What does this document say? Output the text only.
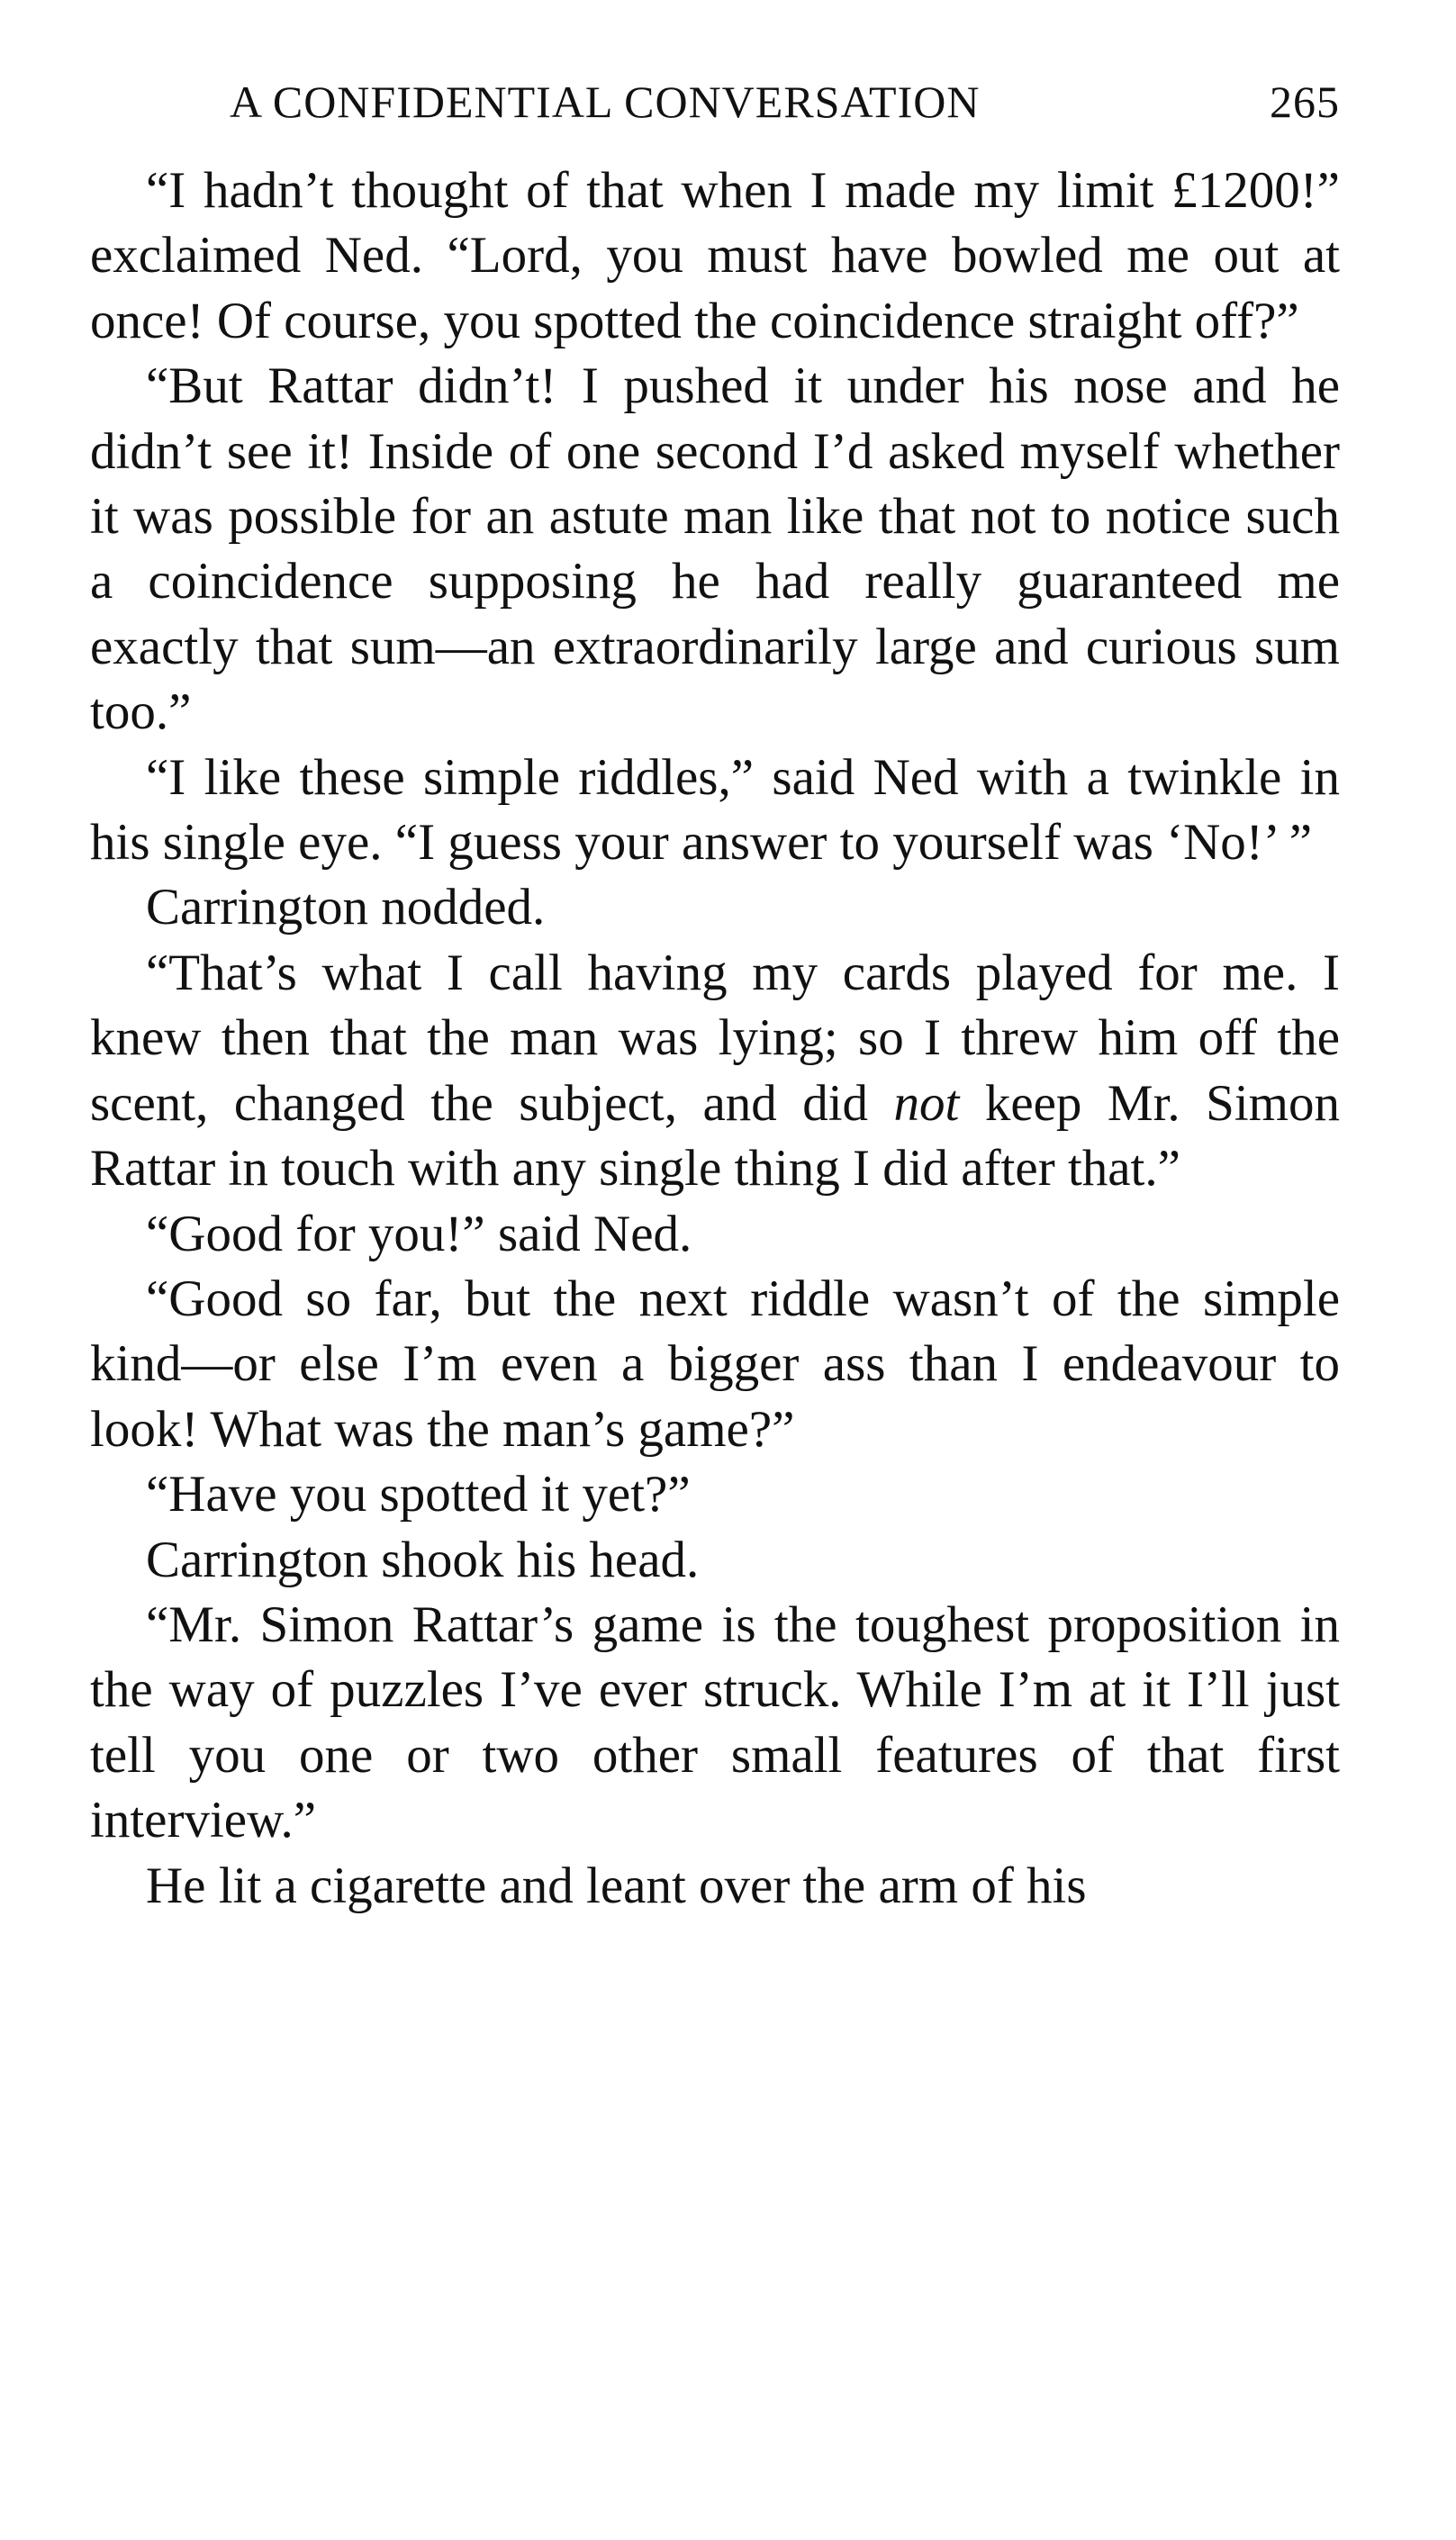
A CONFIDENTIAL CONVERSATION	265

“I hadn’t thought of that when I made my limit £1200!” exclaimed Ned. “Lord, you must have bowled me out at once! Of course, you spotted the coincidence straight off?”

“But Rattar didn’t! I pushed it under his nose and he didn’t see it! Inside of one second I’d asked myself whether it was possible for an astute man like that not to notice such a coincidence supposing he had really guaranteed me exactly that sum—an extraordinarily large and curious sum too.”

“I like these simple riddles,” said Ned with a twinkle in his single eye. “I guess your answer to yourself was ‘No!’ ”

Carrington nodded.

“That’s what I call having my cards played for me. I knew then that the man was lying; so I threw him off the scent, changed the subject, and did not keep Mr. Simon Rattar in touch with any single thing I did after that.”

“Good for you!” said Ned.

“Good so far, but the next riddle wasn’t of the simple kind—or else I’m even a bigger ass than I endeavour to look! What was the man’s game?”

“Have you spotted it yet?”

Carrington shook his head.

“Mr. Simon Rattar’s game is the toughest proposition in the way of puzzles I’ve ever struck. While I’m at it I’ll just tell you one or two other small features of that first interview.”

He lit a cigarette and leant over the arm of his
